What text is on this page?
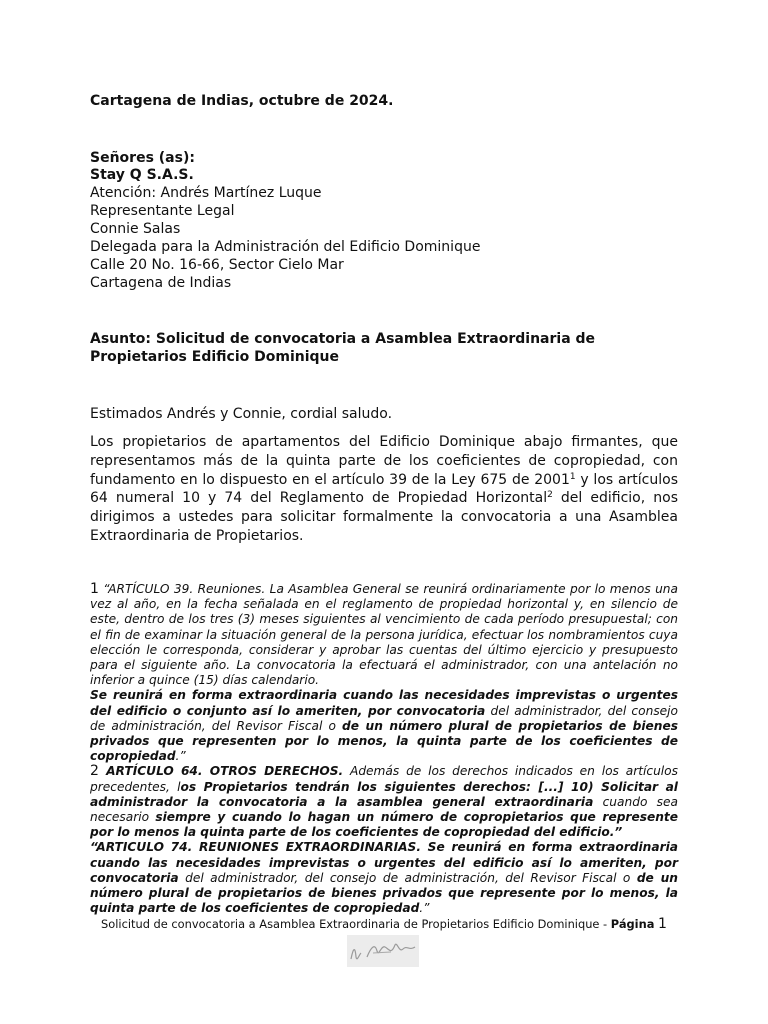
Cartagena de Indias, octubre de 2024.
Señores (as):
Stay Q S.A.S.
Atención: Andrés Martínez Luque
Representante Legal
Connie Salas
Delegada para la Administración del Edificio Dominique
Calle 20 No. 16-66, Sector Cielo Mar
Cartagena de Indias
Asunto: Solicitud de convocatoria a Asamblea Extraordinaria de
Propietarios Edificio Dominique
Estimados Andrés y Connie, cordial saludo.
Los propietarios de apartamentos del Edificio Dominique abajo firmantes, que representamos más de la quinta parte de los coeficientes de copropiedad, con fundamento en lo dispuesto en el artículo 39 de la Ley 675 de 2001$^1$ y los artículos 64 numeral 10 y 74 del Reglamento de Propiedad Horizontal$^2$ del edificio, nos dirigimos a ustedes para solicitar formalmente la convocatoria a una Asamblea Extraordinaria de Propietarios.
1 “ARTÍCULO 39. Reuniones. La Asamblea General se reunirá ordinariamente por lo menos una vez al año, en la fecha señalada en el reglamento de propiedad horizontal y, en silencio de este, dentro de los tres (3) meses siguientes al vencimiento de cada período presupuestal; con el fin de examinar la situación general de la persona jurídica, efectuar los nombramientos cuya elección le corresponda, considerar y aprobar las cuentas del último ejercicio y presupuesto para el siguiente año. La convocatoria la efectuará el administrador, con una antelación no inferior a quince (15) días calendario.
Se reunirá en forma extraordinaria cuando las necesidades imprevistas o urgentes del edificio o conjunto así lo ameriten, por convocatoria del administrador, del consejo de administración, del Revisor Fiscal o de un número plural de propietarios de bienes privados que representen por lo menos, la quinta parte de los coeficientes de copropiedad.”
2 ARTÍCULO 64. OTROS DERECHOS. Además de los derechos indicados en los artículos precedentes, los Propietarios tendrán los siguientes derechos: [...] 10) Solicitar al administrador la convocatoria a la asamblea general extraordinaria cuando sea necesario siempre y cuando lo hagan un número de copropietarios que represente por lo menos la quinta parte de los coeficientes de copropiedad del edificio.”
“ARTICULO 74. REUNIONES EXTRAORDINARIAS. Se reunirá en forma extraordinaria cuando las necesidades imprevistas o urgentes del edificio así lo ameriten, por convocatoria del administrador, del consejo de administración, del Revisor Fiscal o de un número plural de propietarios de bienes privados que represente por lo menos, la quinta parte de los coeficientes de copropiedad.”
Solicitud de convocatoria a Asamblea Extraordinaria de Propietarios Edificio Dominique - Página 1
